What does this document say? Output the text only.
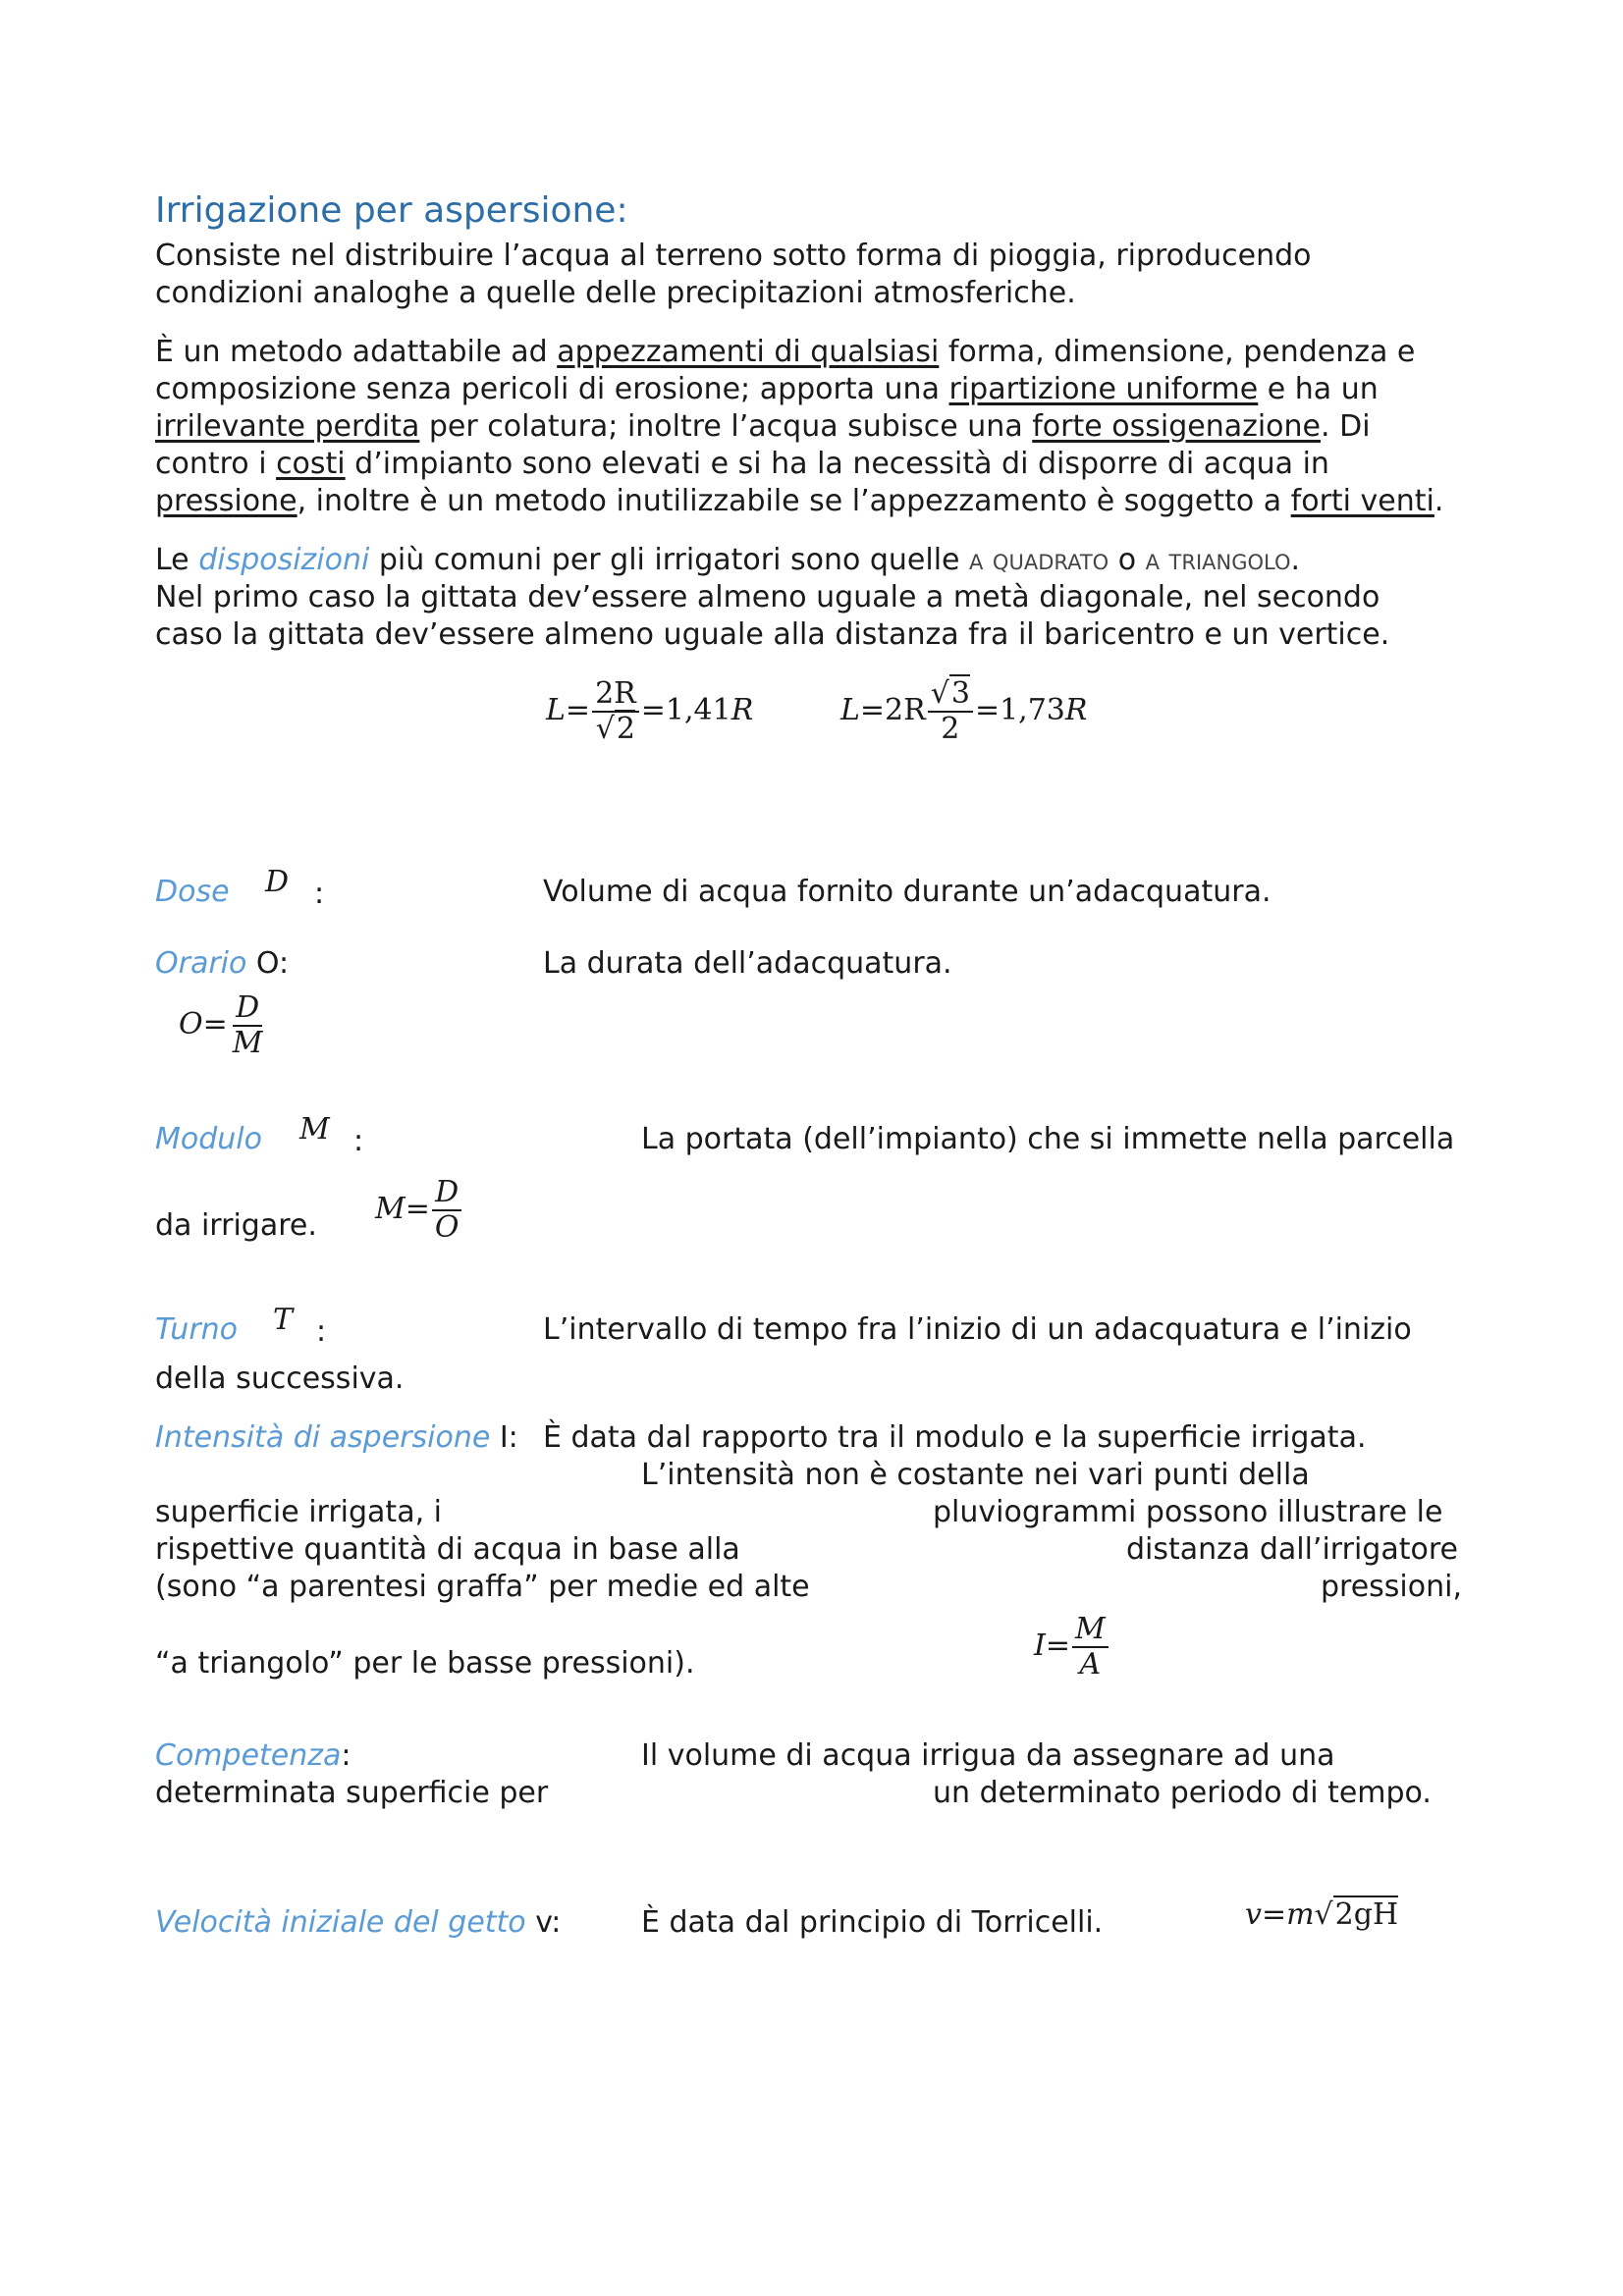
Irrigazione per aspersione:
Consiste nel distribuire l’acqua al terreno sotto forma di pioggia, riproducendo
condizioni analoghe a quelle delle precipitazioni atmosferiche.
È un metodo adattabile ad appezzamenti di qualsiasi forma, dimensione, pendenza e
composizione senza pericoli di erosione; apporta una ripartizione uniforme e ha un
irrilevante perdita per colatura; inoltre l’acqua subisce una forte ossigenazione. Di
contro i costi d’impianto sono elevati e si ha la necessità di disporre di acqua in
pressione, inoltre è un metodo inutilizzabile se l’appezzamento è soggetto a forti venti.
Le disposizioni più comuni per gli irrigatori sono quelle a quadrato o a triangolo.
Nel primo caso la gittata dev’essere almeno uguale a metà diagonale, nel secondo
caso la gittata dev’essere almeno uguale alla distanza fra il baricentro e un vertice.
$L= \frac{2R}{√2} =1,41R$	$L=2R \frac{√3}{2} =1,73R$
Dose D :	Volume di acqua fornito durante un’adacquatura.
Orario O:	La durata dell’adacquatura.
$O= \frac{D}{M}$
Modulo M :	La portata (dell’impianto) che si immette nella parcella
da irrigare. $M= \frac{D}{O}$
Turno T :	L’intervallo di tempo fra l’inizio di un adacquatura e l’inizio
della successiva.
Intensità di aspersione I: È data dal rapporto tra il modulo e la superficie irrigata.
L’intensità non è costante nei vari punti della
superficie irrigata, i	pluviogrammi possono illustrare le
rispettive quantità di acqua in base alla	distanza dall’irrigatore
(sono “a parentesi graffa” per medie ed alte	pressioni,
“a triangolo” per le basse pressioni).
$I= \frac{M}{A}$
Competenza:	Il volume di acqua irrigua da assegnare ad una
determinata superficie per	un determinato periodo di tempo.
Velocità iniziale del getto v:	È data dal principio di Torricelli.	v=m√2gH
